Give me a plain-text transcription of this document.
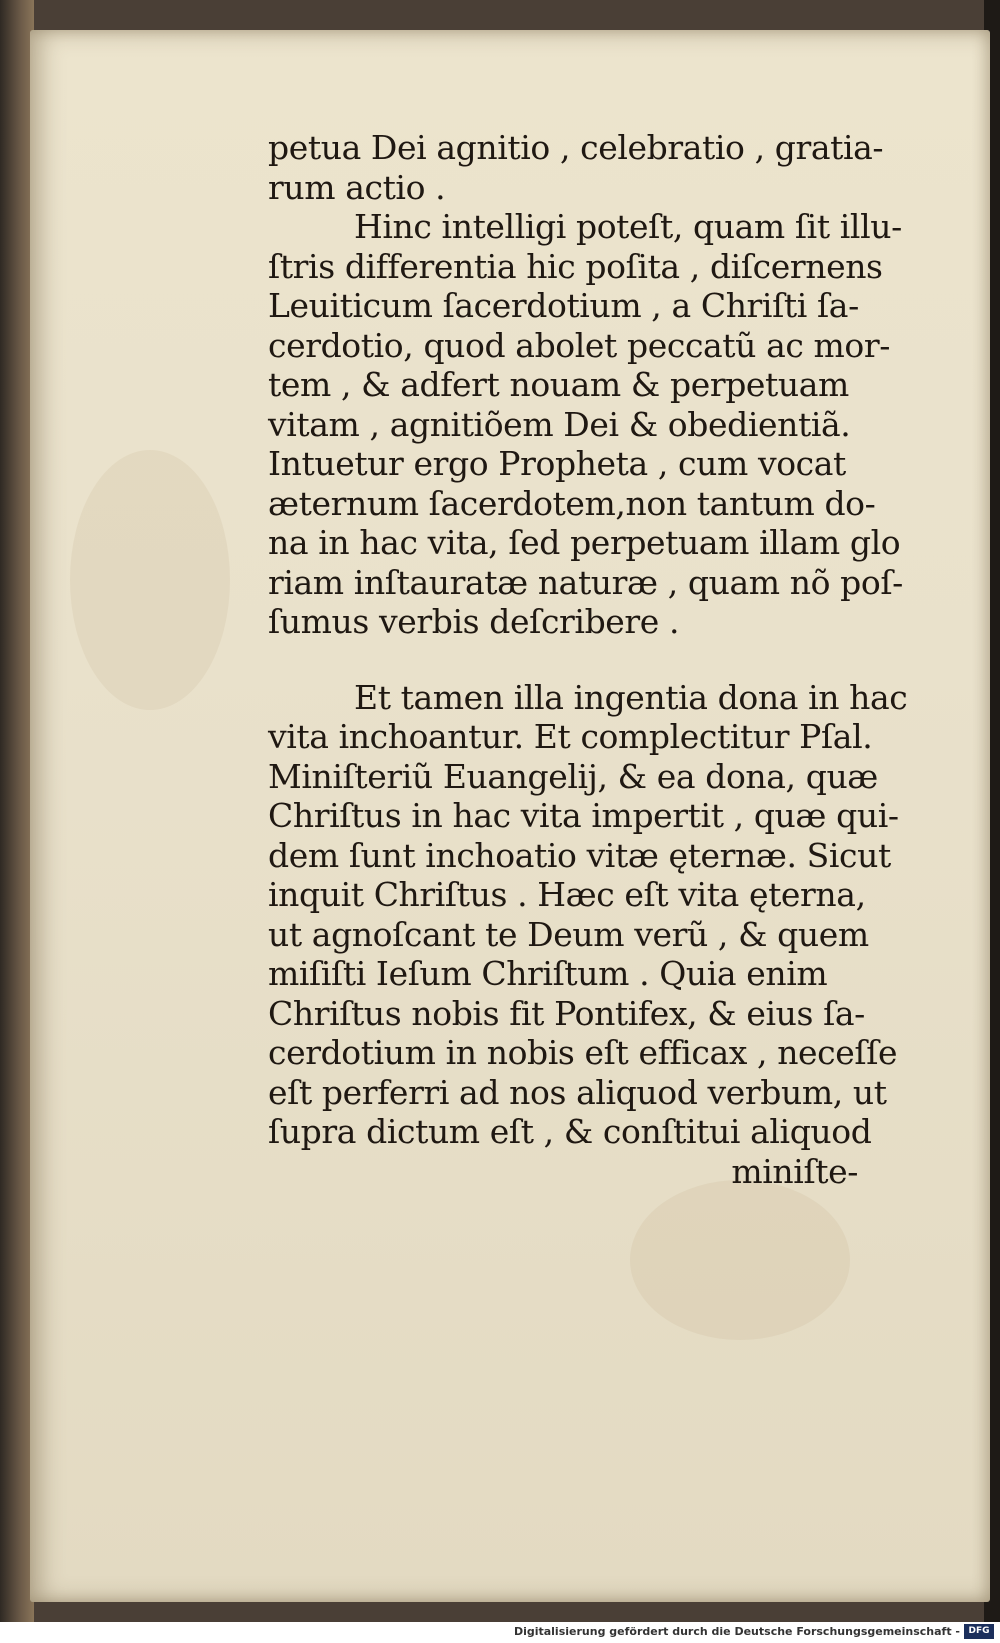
petua Dei agnitio , celebratio , gratia-
rum actio .
Hinc intelligi poteſt, quam ſit illu-
ſtris differentia hic poſita , diſcernens
Leuiticum ſacerdotium , a Chriſti ſa-
cerdotio, quod abolet peccatũ ac mor-
tem , & adfert nouam & perpetuam
vitam , agnitiõem Dei & obedientiã.
Intuetur ergo Propheta , cum vocat
æternum ſacerdotem,non tantum do-
na in hac vita, ſed perpetuam illam glo
riam inſtauratæ naturæ , quam nõ poſ-
ſumus verbis deſcribere .
Et tamen illa ingentia dona in hac
vita inchoantur. Et complectitur Pſal.
Miniſteriũ Euangelij, & ea dona, quæ
Chriſtus in hac vita impertit , quæ qui-
dem ſunt inchoatio vitæ ęternæ. Sicut
inquit Chriſtus . Hæc eſt vita ęterna,
ut agnoſcant te Deum verũ , & quem
miſiſti Ieſum Chriſtum . Quia enim
Chriſtus nobis fit Pontifex, & eius ſa-
cerdotium in nobis eſt efficax , neceſſe
eſt perferri ad nos aliquod verbum, ut
ſupra dictum eſt , & conſtitui aliquod
miniſte-
Digitalisierung gefördert durch die Deutsche Forschungsgemeinschaft - DFG
